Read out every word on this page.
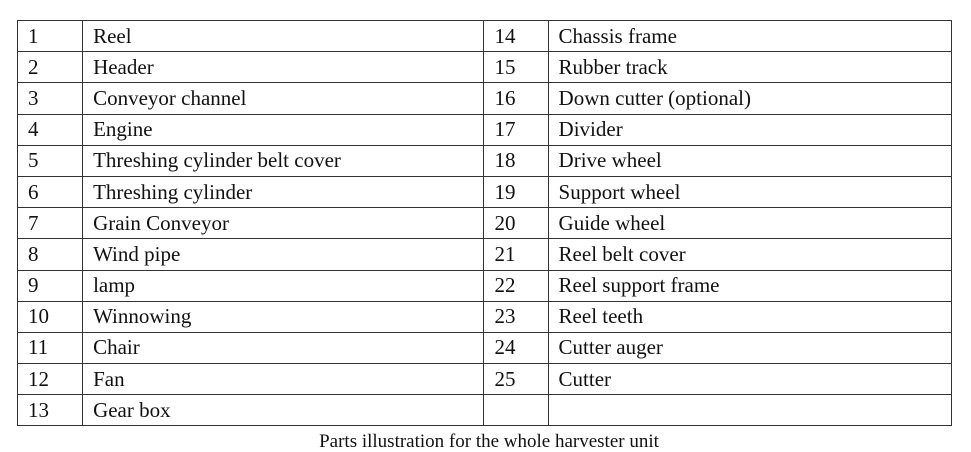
1	Reel	14	Chassis frame
2	Header	15	Rubber track
3	Conveyor channel	16	Down cutter (optional)
4	Engine	17	Divider
5	Threshing cylinder belt cover	18	Drive wheel
6	Threshing cylinder	19	Support wheel
7	Grain Conveyor	20	Guide wheel
8	Wind pipe	21	Reel belt cover
9	lamp	22	Reel support frame
10	Winnowing	23	Reel teeth
11	Chair	24	Cutter auger
12	Fan	25	Cutter
13	Gear box		
Parts illustration for the whole harvester unit
